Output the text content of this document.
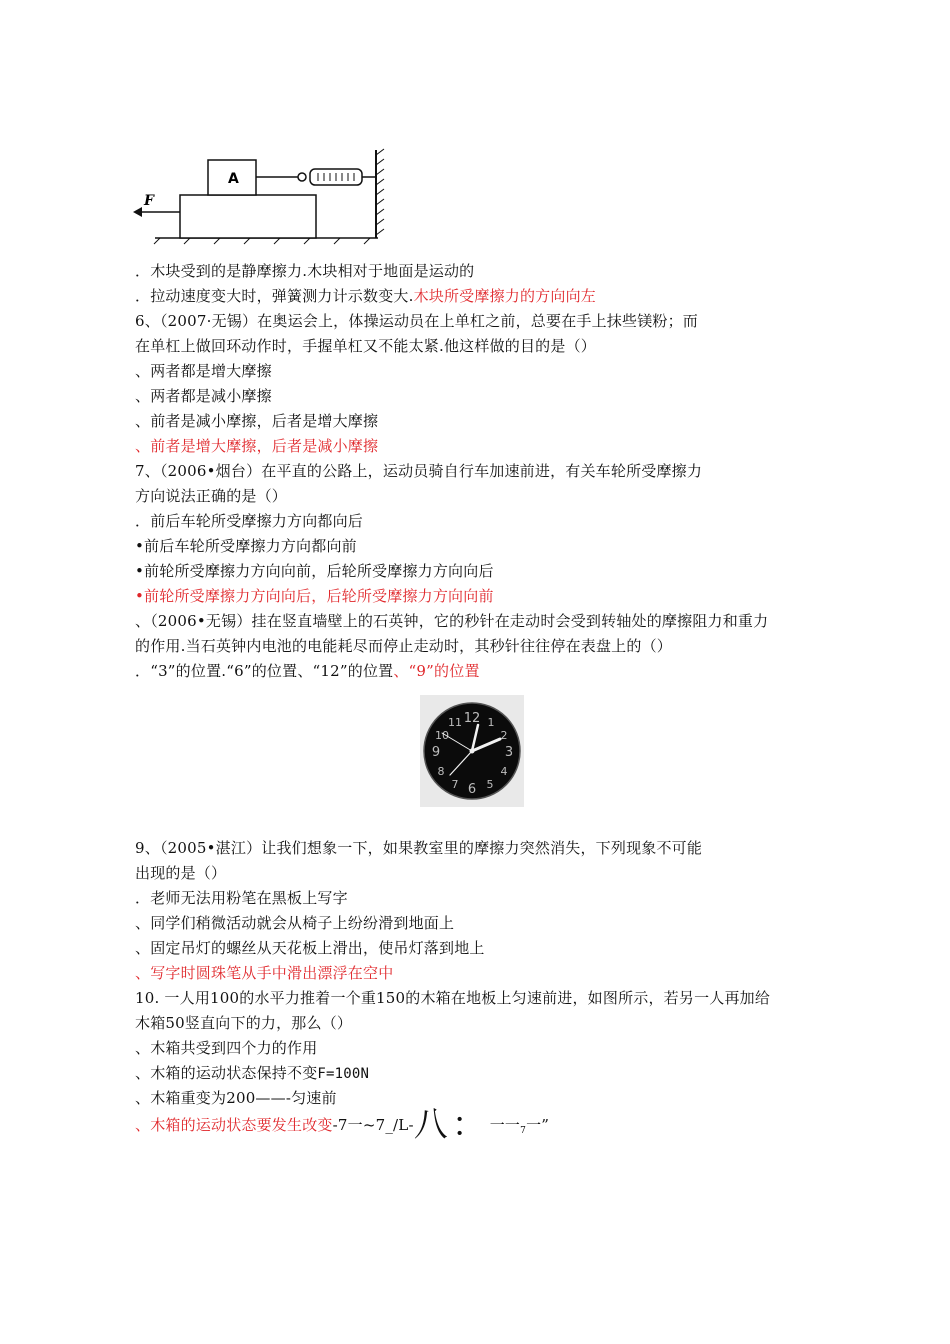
A
F
．木块受到的是静摩擦力.木块相对于地面是运动的
．拉动速度变大时，弹簧测力计示数变大.木块所受摩擦力的方向向左
6、（2007·无锡）在奥运会上，体操运动员在上单杠之前，总要在手上抹些镁粉；而
在单杠上做回环动作时，手握单杠又不能太紧.他这样做的目的是（）
、两者都是增大摩擦
、两者都是减小摩擦
、前者是减小摩擦，后者是增大摩擦
、前者是增大摩擦，后者是减小摩擦
7、（2006•烟台）在平直的公路上，运动员骑自行车加速前进，有关车轮所受摩擦力
方向说法正确的是（）
．前后车轮所受摩擦力方向都向后
•前后车轮所受摩擦力方向都向前
•前轮所受摩擦力方向向前，后轮所受摩擦力方向向后
•前轮所受摩擦力方向向后，后轮所受摩擦力方向向前
、（2006•无锡）挂在竖直墙壁上的石英钟，它的秒针在走动时会受到转轴处的摩擦阻力和重力
的作用.当石英钟内电池的电能耗尽而停止走动时，其秒针往往停在表盘上的（）
．“3”的位置.“6”的位置、“12”的位置、“9”的位置
12
3
6
9
1
2
4
5
7
8
10
11
9、（2005•湛江）让我们想象一下，如果教室里的摩擦力突然消失，下列现象不可能
出现的是（）
．老师无法用粉笔在黑板上写字
、同学们稍微活动就会从椅子上纷纷滑到地面上
、固定吊灯的螺丝从天花板上滑出，使吊灯落到地上
、写字时圆珠笔从手中滑出漂浮在空中
10. 一人用100的水平力推着一个重150的木箱在地板上匀速前进，如图所示，若另一人再加给
木箱50竖直向下的力，那么（）
、木箱共受到四个力的作用
、木箱的运动状态保持不变F=100N
、木箱重变为200——-匀速前
、木箱的运动状态要发生改变-7一~7_/L-八：一一$_7$一”
